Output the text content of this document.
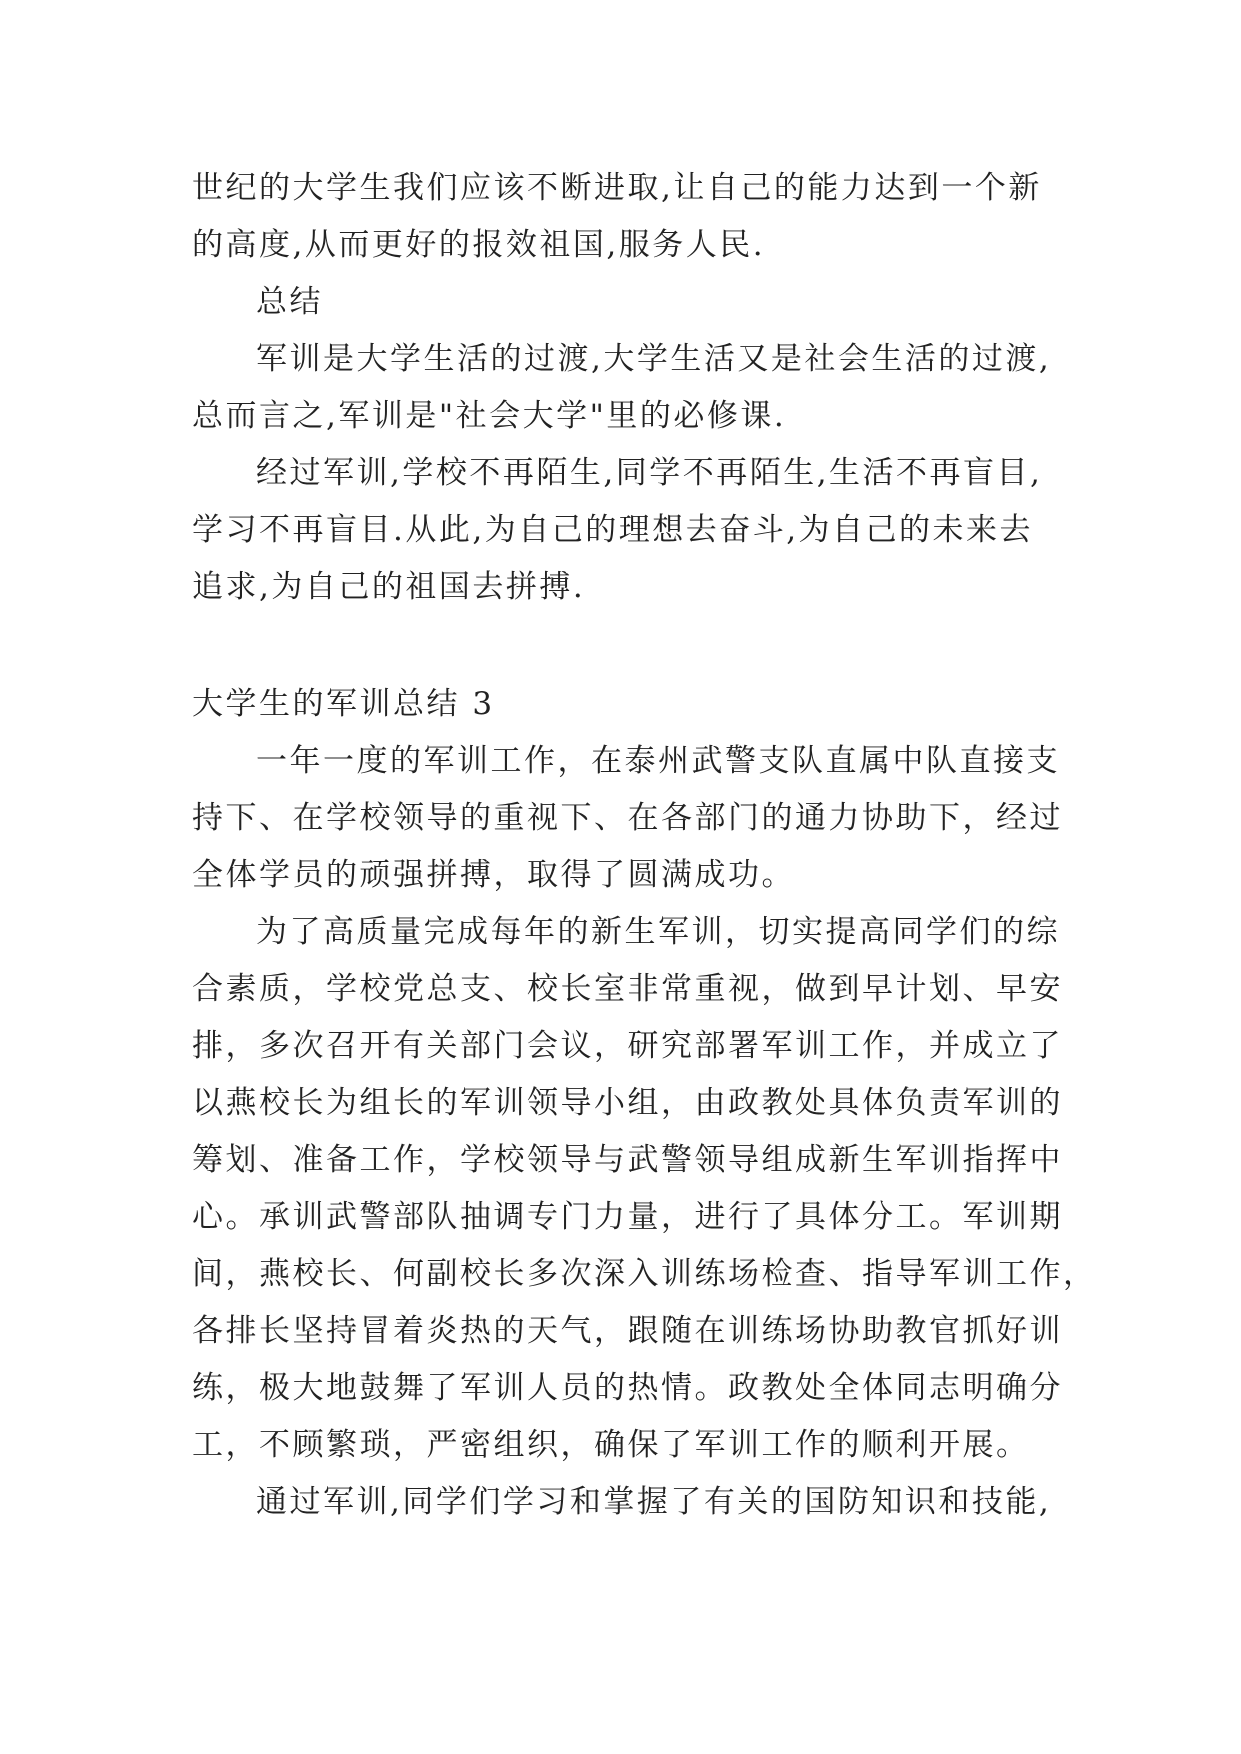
世纪的大学生我们应该不断进取,让自己的能力达到一个新
的高度,从而更好的报效祖国,服务人民.
总结
军训是大学生活的过渡,大学生活又是社会生活的过渡,
总而言之,军训是"社会大学"里的必修课.
经过军训,学校不再陌生,同学不再陌生,生活不再盲目,
学习不再盲目.从此,为自己的理想去奋斗,为自己的未来去
追求,为自己的祖国去拼搏.
大学生的军训总结 3
一年一度的军训工作，在泰州武警支队直属中队直接支
持下、在学校领导的重视下、在各部门的通力协助下，经过
全体学员的顽强拼搏，取得了圆满成功。
为了高质量完成每年的新生军训，切实提高同学们的综
合素质，学校党总支、校长室非常重视，做到早计划、早安
排，多次召开有关部门会议，研究部署军训工作，并成立了
以燕校长为组长的军训领导小组，由政教处具体负责军训的
筹划、准备工作，学校领导与武警领导组成新生军训指挥中
心。承训武警部队抽调专门力量，进行了具体分工。军训期
间，燕校长、何副校长多次深入训练场检查、指导军训工作，
各排长坚持冒着炎热的天气，跟随在训练场协助教官抓好训
练，极大地鼓舞了军训人员的热情。政教处全体同志明确分
工，不顾繁琐，严密组织，确保了军训工作的顺利开展。
通过军训,同学们学习和掌握了有关的国防知识和技能,
